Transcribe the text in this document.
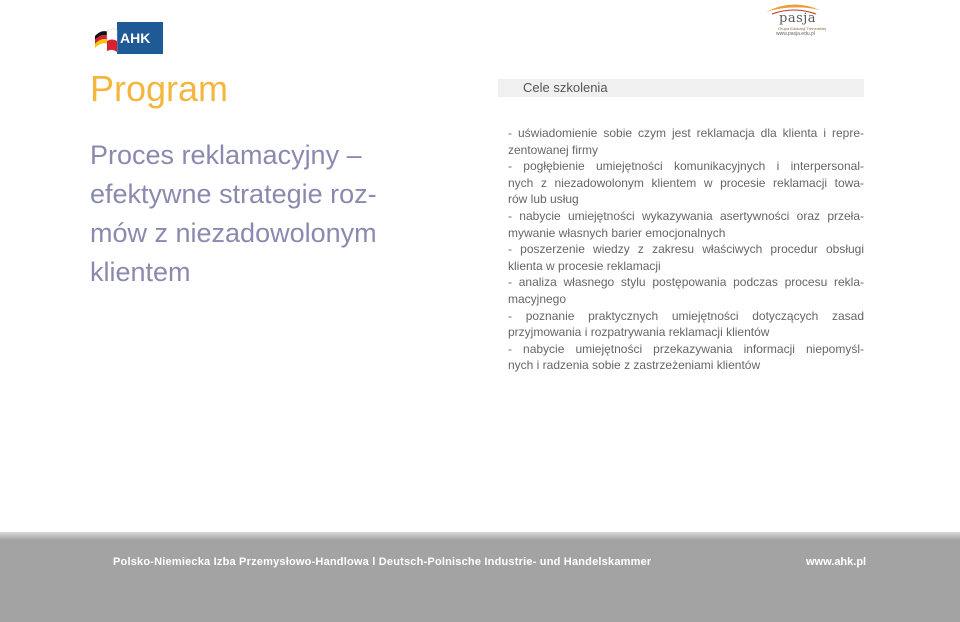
AHK
pasja
Grupa Edukacji Trenerskiej
www.pasja.edu.pl
Program
Proces reklamacyjny –
efektywne strategie roz-
mów z niezadowolonym
klientem
Cele szkolenia
- uświadomienie sobie czym jest reklamacja dla klienta i repre-
zentowanej firmy
- pogłębienie umiejętności komunikacyjnych i interpersonal-
nych z niezadowolonym klientem w procesie reklamacji towa-
rów lub usług
- nabycie umiejętności wykazywania asertywności oraz przeła-
mywanie własnych barier emocjonalnych
- poszerzenie wiedzy z zakresu właściwych procedur obsługi
klienta w procesie reklamacji
- analiza własnego stylu postępowania podczas procesu rekla-
macyjnego
- poznanie praktycznych umiejętności dotyczących zasad
przyjmowania i rozpatrywania reklamacji klientów
- nabycie umiejętności przekazywania informacji niepomyśl-
nych i radzenia sobie z zastrzeżeniami klientów
Polsko-Niemiecka Izba Przemysłowo-Handlowa l Deutsch-Polnische Industrie- und Handelskammer	www.ahk.pl
